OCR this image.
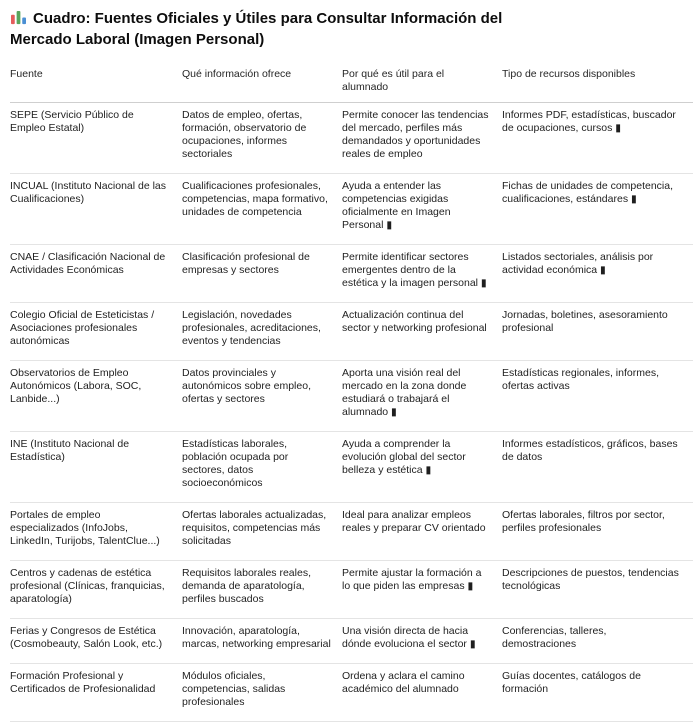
Cuadro: Fuentes Oficiales y Útiles para Consultar Información del Mercado Laboral (Imagen Personal)
Fuente	Qué información ofrece	Por qué es útil para el alumnado	Tipo de recursos disponibles
SEPE (Servicio Público de Empleo Estatal)	Datos de empleo, ofertas, formación, observatorio de ocupaciones, informes sectoriales	Permite conocer las tendencias del mercado, perfiles más demandados y oportunidades reales de empleo	Informes PDF, estadísticas, buscador de ocupaciones, cursos ▮
INCUAL (Instituto Nacional de las Cualificaciones)	Cualificaciones profesionales, competencias, mapa formativo, unidades de competencia	Ayuda a entender las competencias exigidas oficialmente en Imagen Personal ▮	Fichas de unidades de competencia, cualificaciones, estándares ▮
CNAE / Clasificación Nacional de Actividades Económicas	Clasificación profesional de empresas y sectores	Permite identificar sectores emergentes dentro de la estética y la imagen personal ▮	Listados sectoriales, análisis por actividad económica ▮
Colegio Oficial de Esteticistas / Asociaciones profesionales autonómicas	Legislación, novedades profesionales, acreditaciones, eventos y tendencias	Actualización continua del sector y networking profesional	Jornadas, boletines, asesoramiento profesional
Observatorios de Empleo Autonómicos (Labora, SOC, Lanbide...)	Datos provinciales y autonómicos sobre empleo, ofertas y sectores	Aporta una visión real del mercado en la zona donde estudiará o trabajará el alumnado ▮	Estadísticas regionales, informes, ofertas activas
INE (Instituto Nacional de Estadística)	Estadísticas laborales, población ocupada por sectores, datos socioeconómicos	Ayuda a comprender la evolución global del sector belleza y estética ▮	Informes estadísticos, gráficos, bases de datos
Portales de empleo especializados (InfoJobs, LinkedIn, Turijobs, TalentClue...)	Ofertas laborales actualizadas, requisitos, competencias más solicitadas	Ideal para analizar empleos reales y preparar CV orientado	Ofertas laborales, filtros por sector, perfiles profesionales
Centros y cadenas de estética profesional (Clínicas, franquicias, aparatología)	Requisitos laborales reales, demanda de aparatología, perfiles buscados	Permite ajustar la formación a lo que piden las empresas ▮	Descripciones de puestos, tendencias tecnológicas
Ferias y Congresos de Estética (Cosmobeauty, Salón Look, etc.)	Innovación, aparatología, marcas, networking empresarial	Una visión directa de hacia dónde evoluciona el sector ▮	Conferencias, talleres, demostraciones
Formación Profesional y Certificados de Profesionalidad	Módulos oficiales, competencias, salidas profesionales	Ordena y aclara el camino académico del alumnado	Guías docentes, catálogos de formación
